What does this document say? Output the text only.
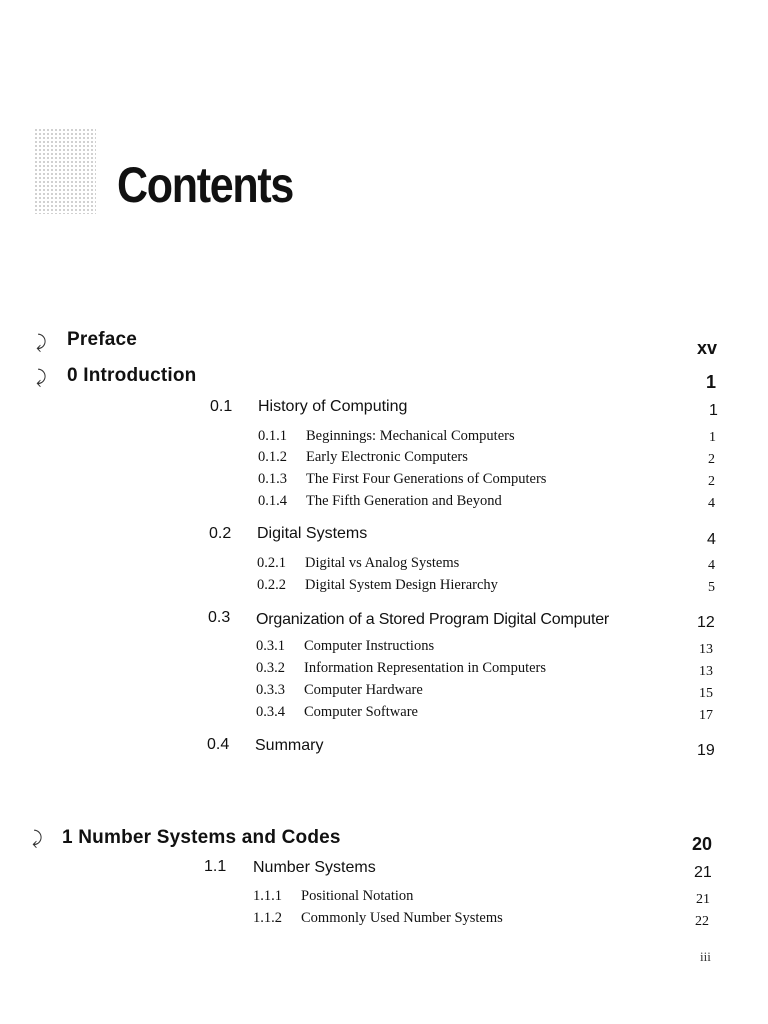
Contents
⤸ Preface	xv
⤸ 0 Introduction	1
0.1 History of Computing	1
0.1.1 Beginnings: Mechanical Computers	1
0.1.2 Early Electronic Computers	2
0.1.3 The First Four Generations of Computers	2
0.1.4 The Fifth Generation and Beyond	4
0.2 Digital Systems	4
0.2.1 Digital vs Analog Systems	4
0.2.2 Digital System Design Hierarchy	5
0.3 Organization of a Stored Program Digital Computer	12
0.3.1 Computer Instructions	13
0.3.2 Information Representation in Computers	13
0.3.3 Computer Hardware	15
0.3.4 Computer Software	17
0.4 Summary	19
⤸ 1 Number Systems and Codes	20
1.1 Number Systems	21
1.1.1 Positional Notation	21
1.1.2 Commonly Used Number Systems	22
iii
